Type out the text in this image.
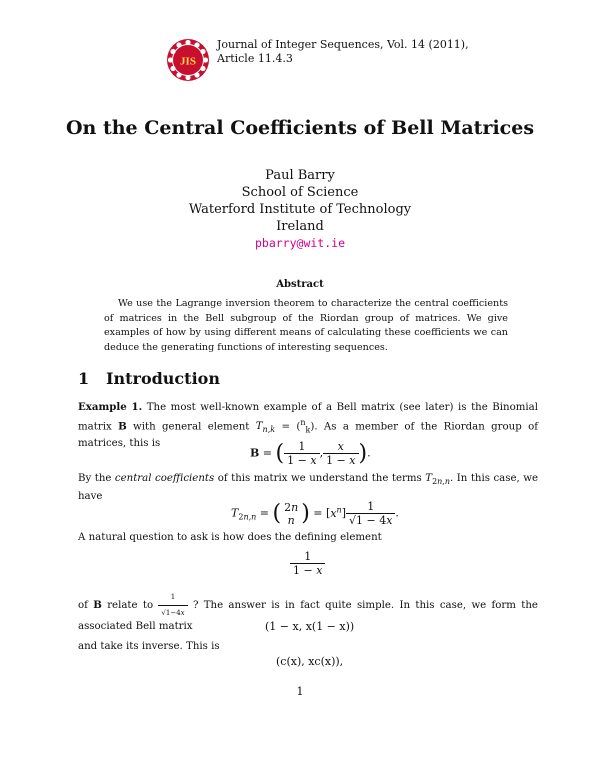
JIS
Journal of Integer Sequences, Vol. 14 (2011),
Article 11.4.3
On the Central Coefficients of Bell Matrices
Paul Barry
School of Science
Waterford Institute of Technology
Ireland
pbarry@wit.ie
Abstract
We use the Lagrange inversion theorem to characterize the central coefficients of matrices in the Bell subgroup of the Riordan group of matrices. We give examples of how by using different means of calculating these coefficients we can deduce the generating functions of interesting sequences.
1 Introduction
Example 1. The most well-known example of a Bell matrix (see later) is the Binomial matrix B with general element $T_{n,k} = (^n_k)$. As a member of the Riordan group of matrices, this is
B = ( $\frac{1}{1 - x}$ , $\frac{x}{1 - x}$ ).
By the central coefficients of this matrix we understand the terms $T_{2n,n}$. In this case, we have
$T_{2n,n}$ = ( 2n
n ) = $[x^n] \frac{1}{√1 - 4x}$ .
A natural question to ask is how does the defining element
$\frac{1}{1 - x}$
of B relate to $\frac{1}{√1-4x}$ ? The answer is in fact quite simple. In this case, we form the associated Bell matrix	(1 − x, x(1 − x))
and take its inverse. This is
(c(x), xc(x)),
1
